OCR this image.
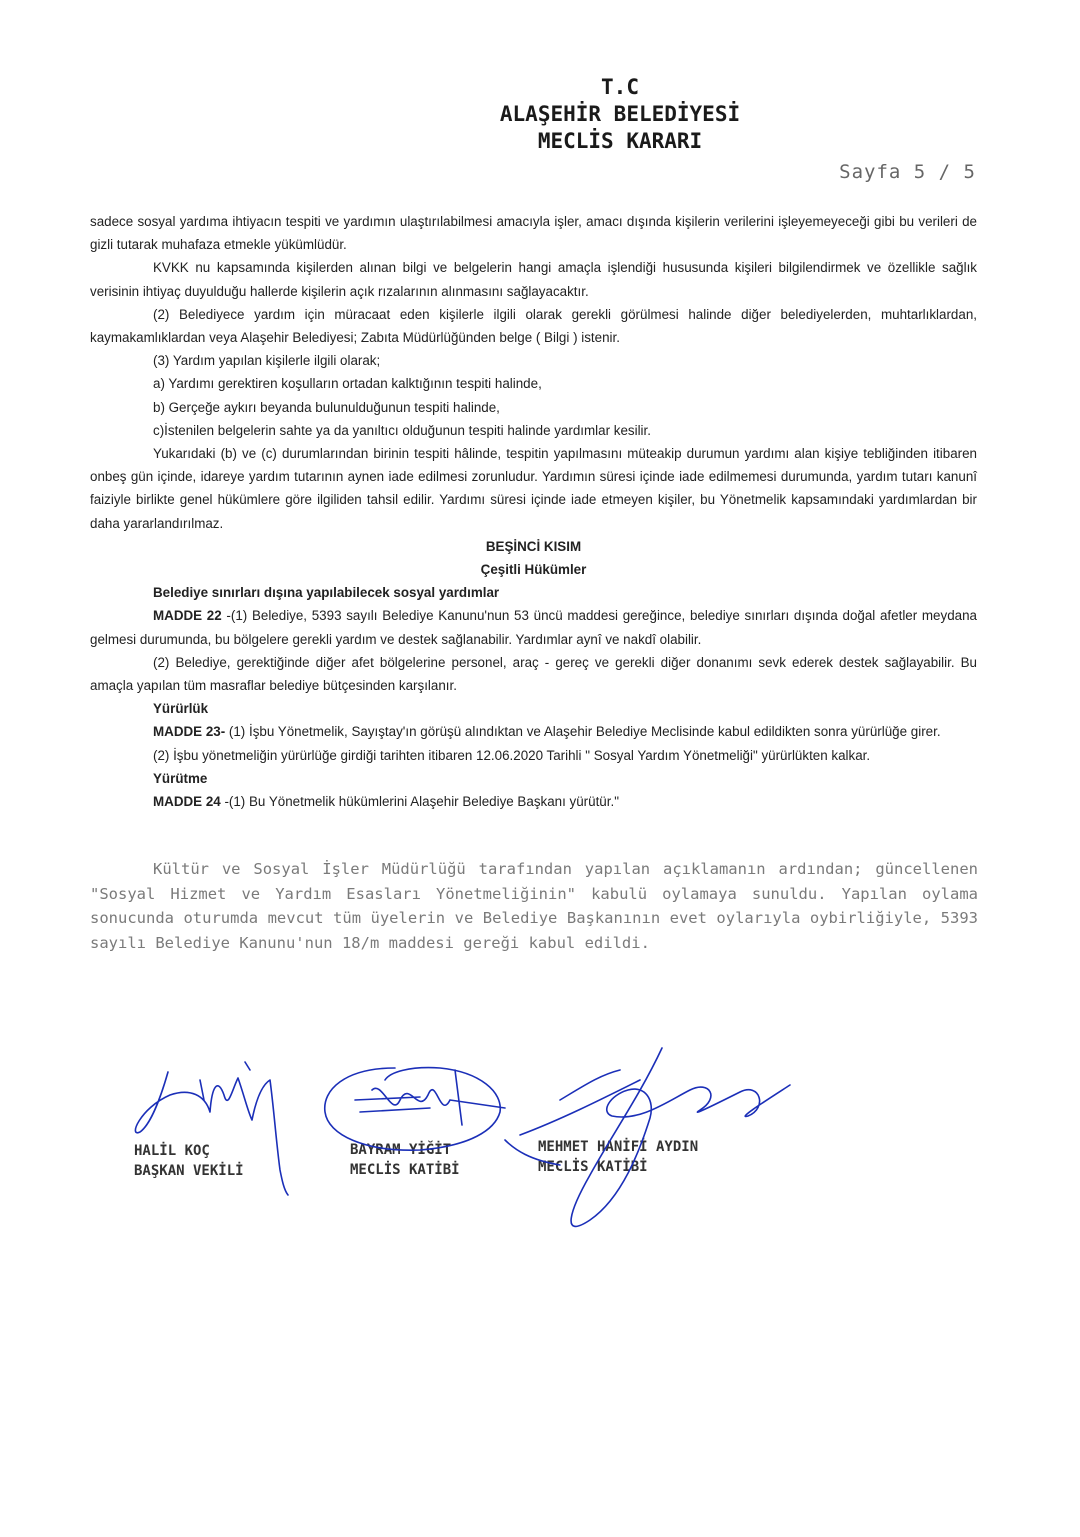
T.C
ALAŞEHİR BELEDİYESİ
MECLİS KARARI
Sayfa 5 / 5

sadece sosyal yardıma ihtiyacın tespiti ve yardımın ulaştırılabilmesi amacıyla işler, amacı dışında kişilerin verilerini işleyemeyeceği gibi bu verileri de gizli tutarak muhafaza etmekle yükümlüdür.

KVKK nu kapsamında kişilerden alınan bilgi ve belgelerin hangi amaçla işlendiği hususunda kişileri bilgilendirmek ve özellikle sağlık verisinin ihtiyaç duyulduğu hallerde kişilerin açık rızalarının alınmasını sağlayacaktır.

(2) Belediyece yardım için müracaat eden kişilerle ilgili olarak gerekli görülmesi halinde diğer belediyelerden, muhtarlıklardan, kaymakamlıklardan veya Alaşehir Belediyesi; Zabıta Müdürlüğünden belge ( Bilgi ) istenir.

(3) Yardım yapılan kişilerle ilgili olarak;

a) Yardımı gerektiren koşulların ortadan kalktığının tespiti halinde,

b) Gerçeğe aykırı beyanda bulunulduğunun tespiti halinde,

c)İstenilen belgelerin sahte ya da yanıltıcı olduğunun tespiti halinde yardımlar kesilir.

Yukarıdaki (b) ve (c) durumlarından birinin tespiti hâlinde, tespitin yapılmasını müteakip durumun yardımı alan kişiye tebliğinden itibaren onbeş gün içinde, idareye yardım tutarının aynen iade edilmesi zorunludur. Yardımın süresi içinde iade edilmemesi durumunda, yardım tutarı kanunî faiziyle birlikte genel hükümlere göre ilgiliden tahsil edilir. Yardımı süresi içinde iade etmeyen kişiler, bu Yönetmelik kapsamındaki yardımlardan bir daha yararlandırılmaz.

BEŞİNCİ KISIM

Çeşitli Hükümler

Belediye sınırları dışına yapılabilecek sosyal yardımlar

MADDE 22 -(1) Belediye, 5393 sayılı Belediye Kanunu'nun 53 üncü maddesi gereğince, belediye sınırları dışında doğal afetler meydana gelmesi durumunda, bu bölgelere gerekli yardım ve destek sağlanabilir. Yardımlar aynî ve nakdî olabilir.

(2) Belediye, gerektiğinde diğer afet bölgelerine personel, araç - gereç ve gerekli diğer donanımı sevk ederek destek sağlayabilir. Bu amaçla yapılan tüm masraflar belediye bütçesinden karşılanır.

Yürürlük

MADDE 23- (1) İşbu Yönetmelik, Sayıştay'ın görüşü alındıktan ve Alaşehir Belediye Meclisinde kabul edildikten sonra yürürlüğe girer.

(2) İşbu yönetmeliğin yürürlüğe girdiği tarihten itibaren 12.06.2020 Tarihli " Sosyal Yardım Yönetmeliği" yürürlükten kalkar.

Yürütme

MADDE 24 -(1) Bu Yönetmelik hükümlerini Alaşehir Belediye Başkanı yürütür."

Kültür ve Sosyal İşler Müdürlüğü tarafından yapılan açıklamanın ardından; güncellenen "Sosyal Hizmet ve Yardım Esasları Yönetmeliğinin" kabulü oylamaya sunuldu. Yapılan oylama sonucunda oturumda mevcut tüm üyelerin ve Belediye Başkanının evet oylarıyla oybirliğiyle, 5393 sayılı Belediye Kanunu'nun 18/m maddesi gereği kabul edildi.

HALİL KOÇ
BAŞKAN VEKİLİ
BAYRAM YİĞİT
MECLİS KATİBİ
MEHMET HANİFİ AYDIN
MECLİS KATİBİ
